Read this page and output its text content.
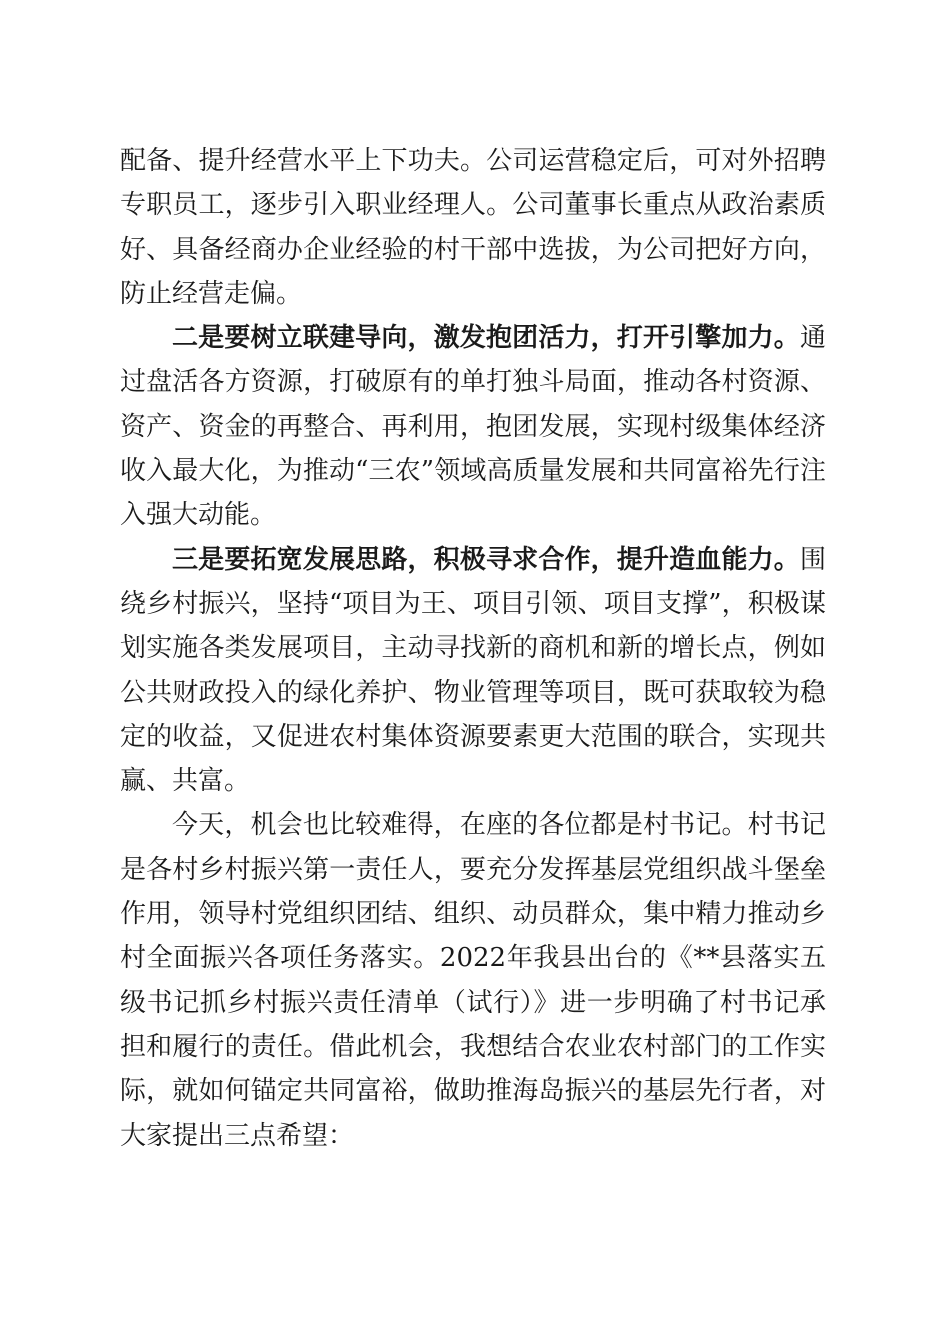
配备、提升经营水平上下功夫。公司运营稳定后，可对外招聘专职员工，逐步引入职业经理人。公司董事长重点从政治素质好、具备经商办企业经验的村干部中选拔，为公司把好方向，防止经营走偏。

二是要树立联建导向，激发抱团活力，打开引擎加力。通过盘活各方资源，打破原有的单打独斗局面，推动各村资源、资产、资金的再整合、再利用，抱团发展，实现村级集体经济收入最大化，为推动“三农”领域高质量发展和共同富裕先行注入强大动能。

三是要拓宽发展思路，积极寻求合作，提升造血能力。围绕乡村振兴，坚持“项目为王、项目引领、项目支撑”，积极谋划实施各类发展项目，主动寻找新的商机和新的增长点，例如公共财政投入的绿化养护、物业管理等项目，既可获取较为稳定的收益，又促进农村集体资源要素更大范围的联合，实现共赢、共富。

今天，机会也比较难得，在座的各位都是村书记。村书记是各村乡村振兴第一责任人，要充分发挥基层党组织战斗堡垒作用，领导村党组织团结、组织、动员群众，集中精力推动乡村全面振兴各项任务落实。2022年我县出台的《**县落实五级书记抓乡村振兴责任清单（试行）》进一步明确了村书记承担和履行的责任。借此机会，我想结合农业农村部门的工作实际，就如何锚定共同富裕，做助推海岛振兴的基层先行者，对大家提出三点希望：
